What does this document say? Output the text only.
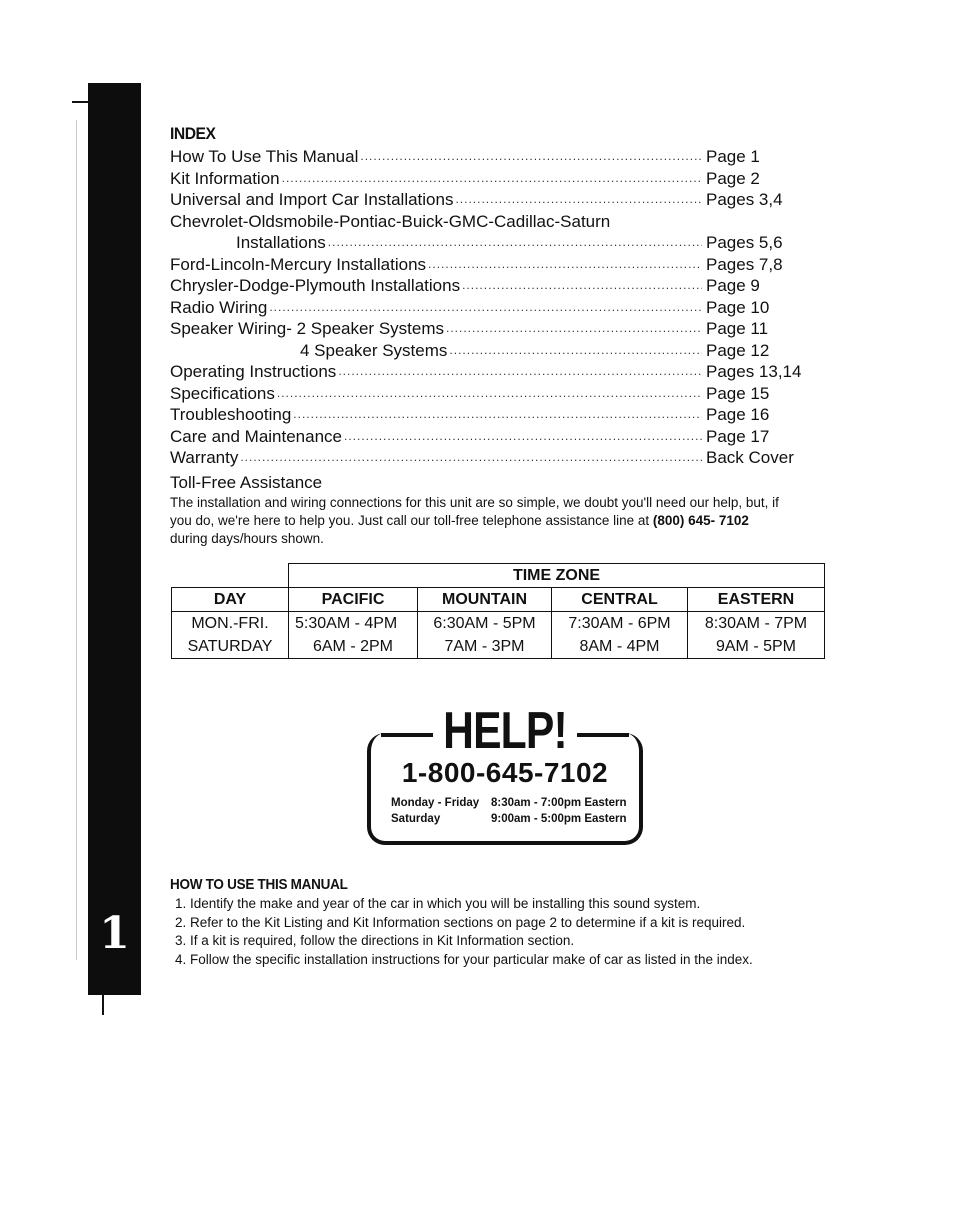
1
INDEX
How To Use This Manual .....	Page 1
Kit Information .....	Page 2
Universal and Import Car Installations .....	Pages 3,4
Chevrolet-Oldsmobile-Pontiac-Buick-GMC-Cadillac-Saturn
Installations .....	Pages 5,6
Ford-Lincoln-Mercury Installations .....	Pages 7,8
Chrysler-Dodge-Plymouth Installations .....	Page 9
Radio Wiring .....	Page 10
Speaker Wiring- 2 Speaker Systems .....	Page 11
4 Speaker Systems .....	Page 12
Operating Instructions .....	Pages 13,14
Specifications .....	Page 15
Troubleshooting .....	Page 16
Care and Maintenance .....	Page 17
Warranty .....	Back Cover
Toll-Free Assistance
The installation and wiring connections for this unit are so simple, we doubt you'll need our help, but, if you do, we're here to help you. Just call our toll-free telephone assistance line at (800) 645- 7102 during days/hours shown.
	TIME ZONE			
DAY	PACIFIC	MOUNTAIN	CENTRAL	EASTERN
MON.-FRI.	5:30AM - 4PM	6:30AM - 5PM	7:30AM - 6PM	8:30AM - 7PM
SATURDAY	6AM - 2PM	7AM - 3PM	8AM - 4PM	9AM - 5PM
HELP!
1-800-645-7102
Monday - Friday	8:30am - 7:00pm Eastern
Saturday	9:00am - 5:00pm Eastern
HOW TO USE THIS MANUAL
1. Identify the make and year of the car in which you will be installing this sound system.
2. Refer to the Kit Listing and Kit Information sections on page 2 to determine if a kit is required.
3. If a kit is required, follow the directions in Kit Information section.
4. Follow the specific installation instructions for your particular make of car as listed in the index.
